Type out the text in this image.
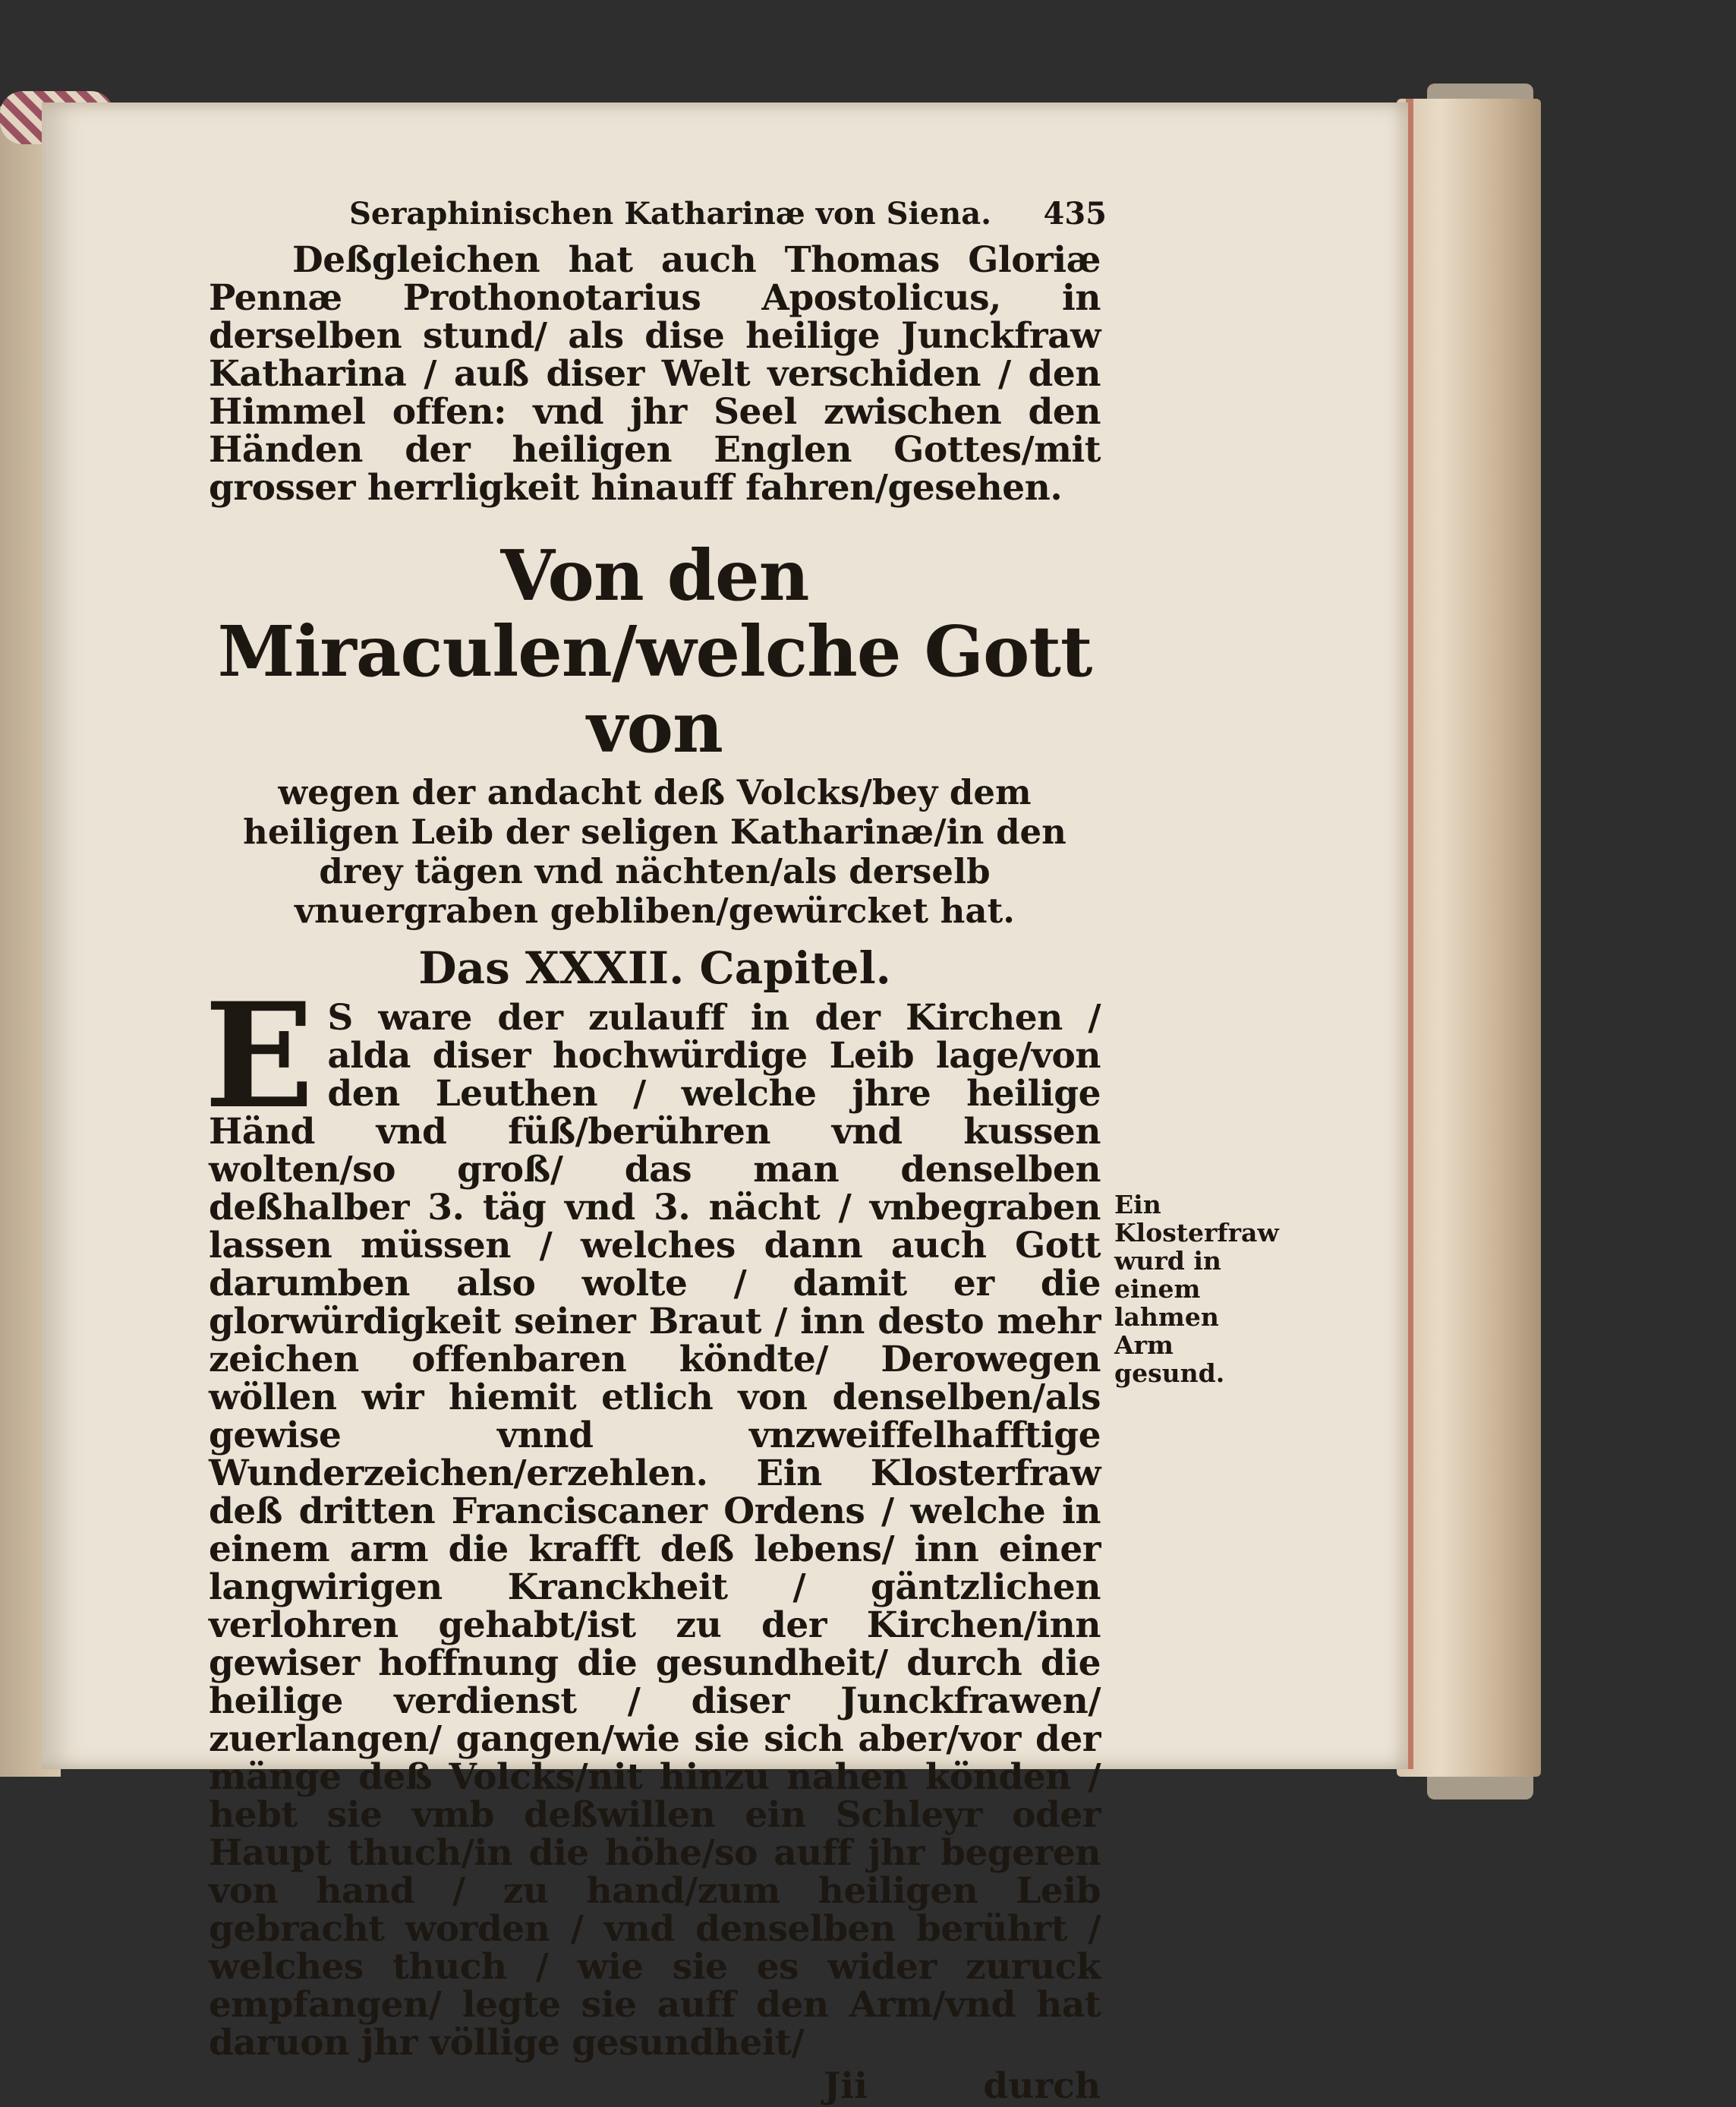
Seraphinischen Katharinæ von Siena. 435

Deßgleichen hat auch Thomas Gloriæ Pennæ Prothonotarius Apostolicus, in derselben stund/ als dise heilige Junckfraw Katharina / auß diser Welt verschiden / den Himmel offen: vnd jhr Seel zwischen den Händen der heiligen Englen Gottes/mit grosser herrligkeit hinauff fahren/gesehen.

Von den Miraculen/welche Gott von
wegen der andacht deß Volcks/bey dem heiligen Leib der seligen Katharinæ/in den drey tägen vnd nächten/als derselb vnuergraben gebliben/gewürcket hat.
Das XXXII. Capitel.
E S ware der zulauff in der Kirchen / alda diser hochwürdige Leib lage/von den Leuthen / welche jhre heilige Händ vnd füß/berühren vnd kussen wolten/so groß/ das man denselben deßhalber 3. täg vnd 3. nächt / vnbegraben lassen müssen / welches dann auch Gott darumben also wolte / damit er die glorwürdigkeit seiner Braut / inn desto mehr zeichen offenbaren köndte/ Derowegen wöllen wir hiemit etlich von denselben/als gewise vnnd vnzweiffelhafftige Wunderzeichen/erzehlen. Ein Klosterfraw deß dritten Franciscaner Ordens / welche in einem arm die krafft deß lebens/ inn einer langwirigen Kranckheit / gäntzlichen verlohren gehabt/ist zu der Kirchen/inn gewiser hoffnung die gesundheit/ durch die heilige verdienst / diser Junckfrawen/ zuerlangen/ gangen/wie sie sich aber/vor der mänge deß Volcks/nit hinzu nahen könden / hebt sie vmb deßwillen ein Schleyr oder Haupt thuch/in die höhe/so auff jhr begeren von hand / zu hand/zum heiligen Leib gebracht worden / vnd denselben berührt / welches thuch / wie sie es wider zuruck empfangen/ legte sie auff den Arm/vnd hat daruon jhr völlige gesundheit/
Jii	durch
Ein Klosterfraw wurd in einem lahmen Arm gesund.
